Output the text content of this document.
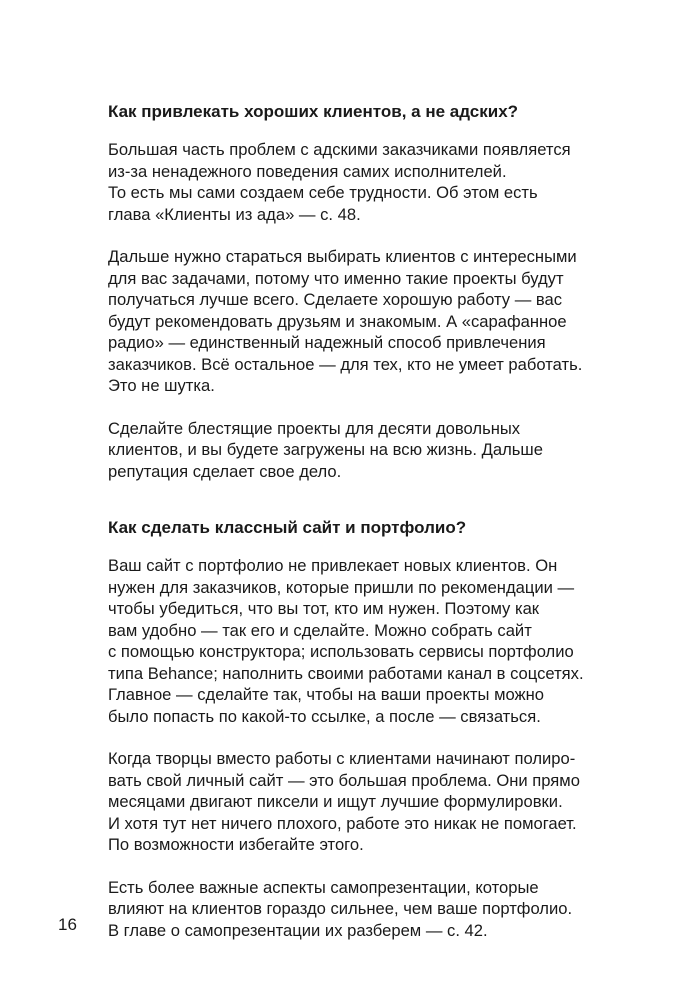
Как привлекать хороших клиентов, а не адских?

Большая часть проблем с адскими заказчиками появляется
из-за ненадежного поведения самих исполнителей.
То есть мы сами создаем себе трудности. Об этом есть
глава «Клиенты из ада» — с. 48.

Дальше нужно стараться выбирать клиентов с интересными
для вас задачами, потому что именно такие проекты будут
получаться лучше всего. Сделаете хорошую работу — вас
будут рекомендовать друзьям и знакомым. А «сарафанное
радио» — единственный надежный способ привлечения
заказчиков. Всё остальное — для тех, кто не умеет работать.
Это не шутка.

Сделайте блестящие проекты для десяти довольных
клиентов, и вы будете загружены на всю жизнь. Дальше
репутация сделает свое дело.

Как сделать классный сайт и портфолио?

Ваш сайт с портфолио не привлекает новых клиентов. Он
нужен для заказчиков, которые пришли по рекомендации —
чтобы убедиться, что вы тот, кто им нужен. Поэтому как
вам удобно — так его и сделайте. Можно собрать сайт
с помощью конструктора; использовать сервисы портфолио
типа Behance; наполнить своими работами канал в соцсетях.
Главное — сделайте так, чтобы на ваши проекты можно
было попасть по какой-то ссылке, а после — связаться.

Когда творцы вместо работы с клиентами начинают полиро-
вать свой личный сайт — это большая проблема. Они прямо
месяцами двигают пиксели и ищут лучшие формулировки.
И хотя тут нет ничего плохого, работе это никак не помогает.
По возможности избегайте этого.

Есть более важные аспекты самопрезентации, которые
влияют на клиентов гораздо сильнее, чем ваше портфолио.
В главе о самопрезентации их разберем — с. 42.

16
